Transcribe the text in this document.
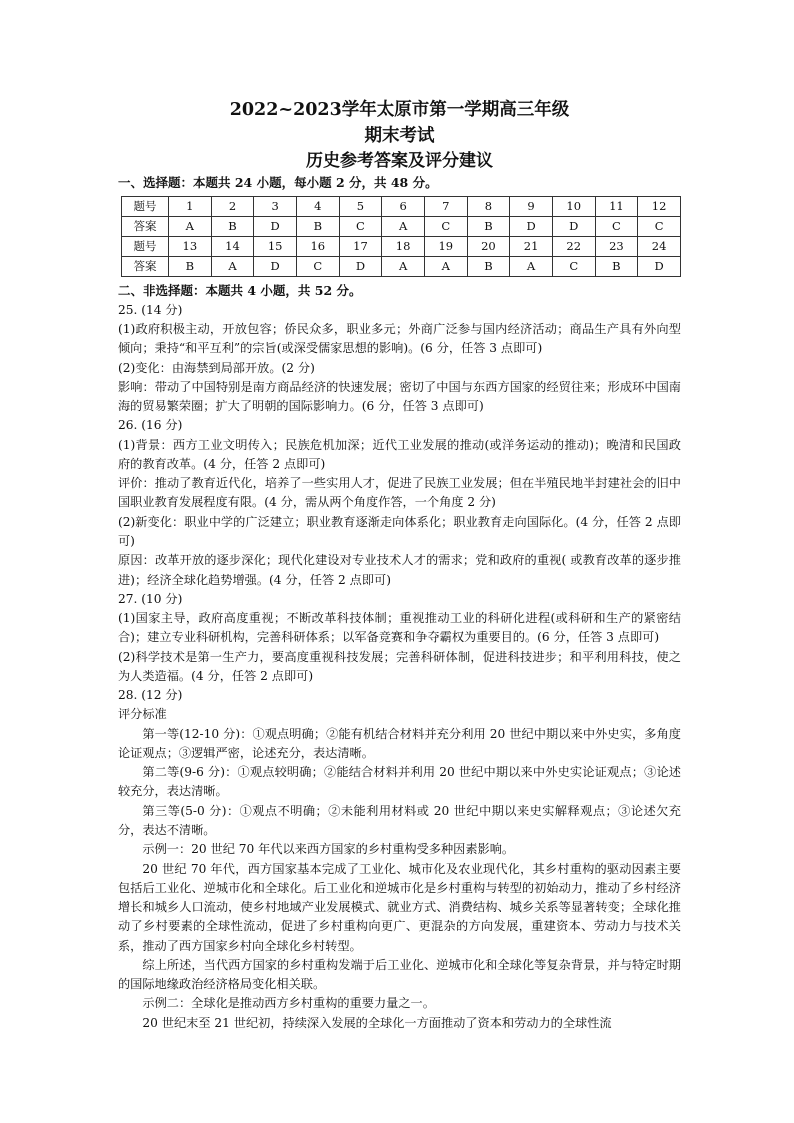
2022~2023学年太原市第一学期高三年级
期末考试
历史参考答案及评分建议

一、选择题：本题共 24 小题，每小题 2 分，共 48 分。

题号	1	2	3	4	5	6	7	8	9	10	11	12
答案	A	B	D	B	C	A	C	B	D	D	C	C
题号	13	14	15	16	17	18	19	20	21	22	23	24
答案	B	A	D	C	D	A	A	B	A	C	B	D

二、非选择题：本题共 4 小题，共 52 分。

25. (14 分)

(1)政府积极主动，开放包容；侨民众多，职业多元；外商广泛参与国内经济活动；商品生产具有外向型倾向；秉持“和平互利”的宗旨(或深受儒家思想的影响)。(6 分，任答 3 点即可)

(2)变化：由海禁到局部开放。(2 分)

影响：带动了中国特别是南方商品经济的快速发展；密切了中国与东西方国家的经贸往来；形成环中国南海的贸易繁荣圈；扩大了明朝的国际影响力。(6 分，任答 3 点即可)

26. (16 分)

(1)背景：西方工业文明传入；民族危机加深；近代工业发展的推动(或洋务运动的推动)；晚清和民国政府的教育改革。(4 分，任答 2 点即可)

评价：推动了教育近代化，培养了一些实用人才，促进了民族工业发展；但在半殖民地半封建社会的旧中国职业教育发展程度有限。(4 分，需从两个角度作答，一个角度 2 分)

(2)新变化：职业中学的广泛建立；职业教育逐渐走向体系化；职业教育走向国际化。(4 分，任答 2 点即可)

原因：改革开放的逐步深化；现代化建设对专业技术人才的需求；党和政府的重视( 或教育改革的逐步推进)；经济全球化趋势增强。(4 分，任答 2 点即可)

27. (10 分)

(1)国家主导，政府高度重视；不断改革科技体制；重视推动工业的科研化进程(或科研和生产的紧密结合)；建立专业科研机构，完善科研体系；以军备竞赛和争夺霸权为重要目的。(6 分，任答 3 点即可)

(2)科学技术是第一生产力，要高度重视科技发展；完善科研体制，促进科技进步；和平利用科技，使之为人类造福。(4 分，任答 2 点即可)

28. (12 分)

评分标准

第一等(12-10 分)：①观点明确；②能有机结合材料并充分利用 20 世纪中期以来中外史实，多角度论证观点；③逻辑严密，论述充分，表达清晰。

第二等(9-6 分)：①观点较明确；②能结合材料并利用 20 世纪中期以来中外史实论证观点；③论述较充分，表达清晰。

第三等(5-0 分)：①观点不明确；②未能利用材料或 20 世纪中期以来史实解释观点；③论述欠充分，表达不清晰。

示例一：20 世纪 70 年代以来西方国家的乡村重构受多种因素影响。

20 世纪 70 年代，西方国家基本完成了工业化、城市化及农业现代化，其乡村重构的驱动因素主要包括后工业化、逆城市化和全球化。后工业化和逆城市化是乡村重构与转型的初始动力，推动了乡村经济增长和城乡人口流动，使乡村地域产业发展模式、就业方式、消费结构、城乡关系等显著转变；全球化推动了乡村要素的全球性流动，促进了乡村重构向更广、更混杂的方向发展，重建资本、劳动力与技术关系，推动了西方国家乡村向全球化乡村转型。

综上所述，当代西方国家的乡村重构发端于后工业化、逆城市化和全球化等复杂背景，并与特定时期的国际地缘政治经济格局变化相关联。

示例二：全球化是推动西方乡村重构的重要力量之一。

20 世纪末至 21 世纪初，持续深入发展的全球化一方面推动了资本和劳动力的全球性流
